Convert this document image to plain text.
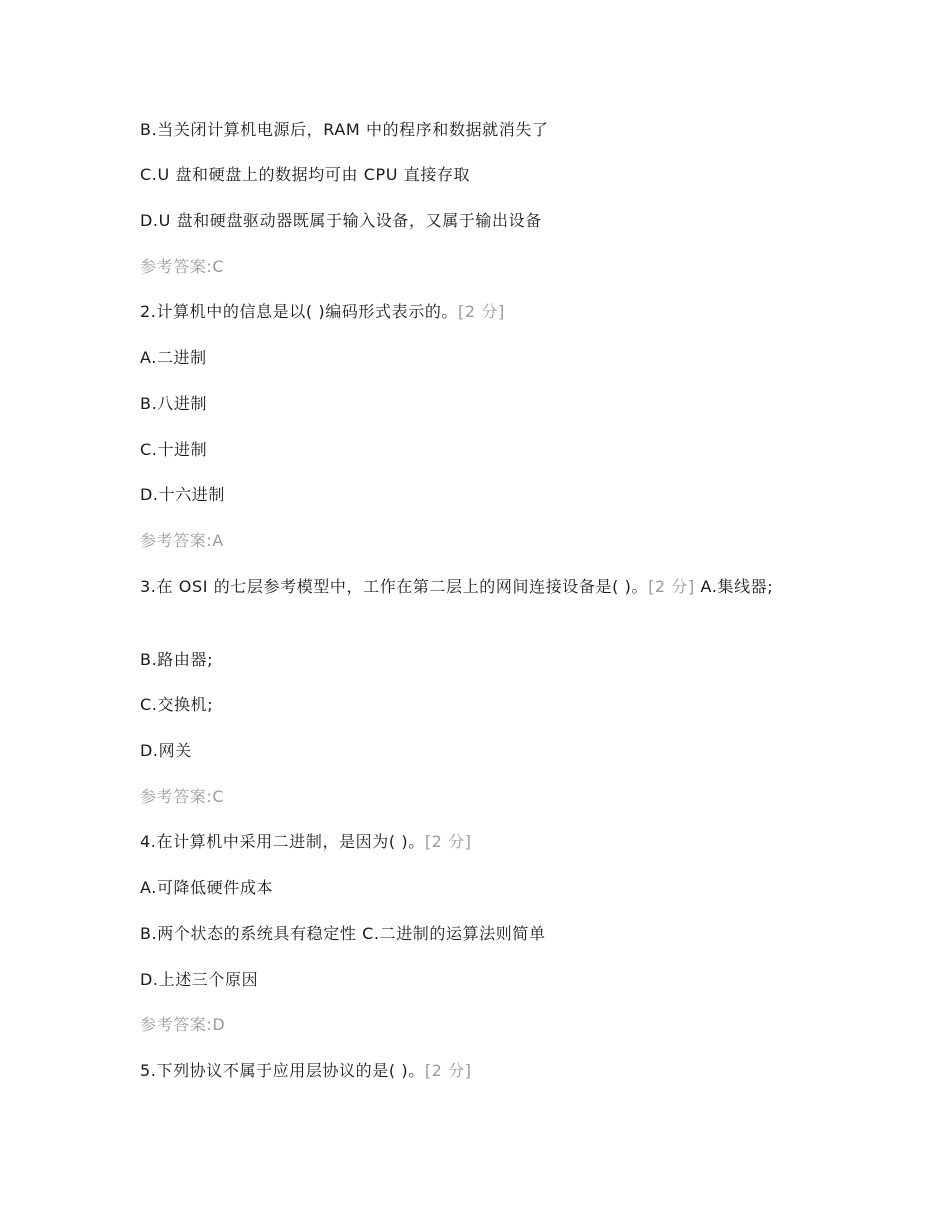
B.当关闭计算机电源后，RAM 中的程序和数据就消失了
C.U 盘和硬盘上的数据均可由 CPU 直接存取
D.U 盘和硬盘驱动器既属于输入设备，又属于输出设备
参考答案:C
2.计算机中的信息是以( )编码形式表示的。[2 分]
A.二进制
B.八进制
C.十进制
D.十六进制
参考答案:A
3.在 OSI 的七层参考模型中，工作在第二层上的网间连接设备是( )。[2 分] A.集线器;
B.路由器;
C.交换机;
D.网关
参考答案:C
4.在计算机中采用二进制，是因为( )。[2 分]
A.可降低硬件成本
B.两个状态的系统具有稳定性 C.二进制的运算法则简单
D.上述三个原因
参考答案:D
5.下列协议不属于应用层协议的是( )。[2 分]
